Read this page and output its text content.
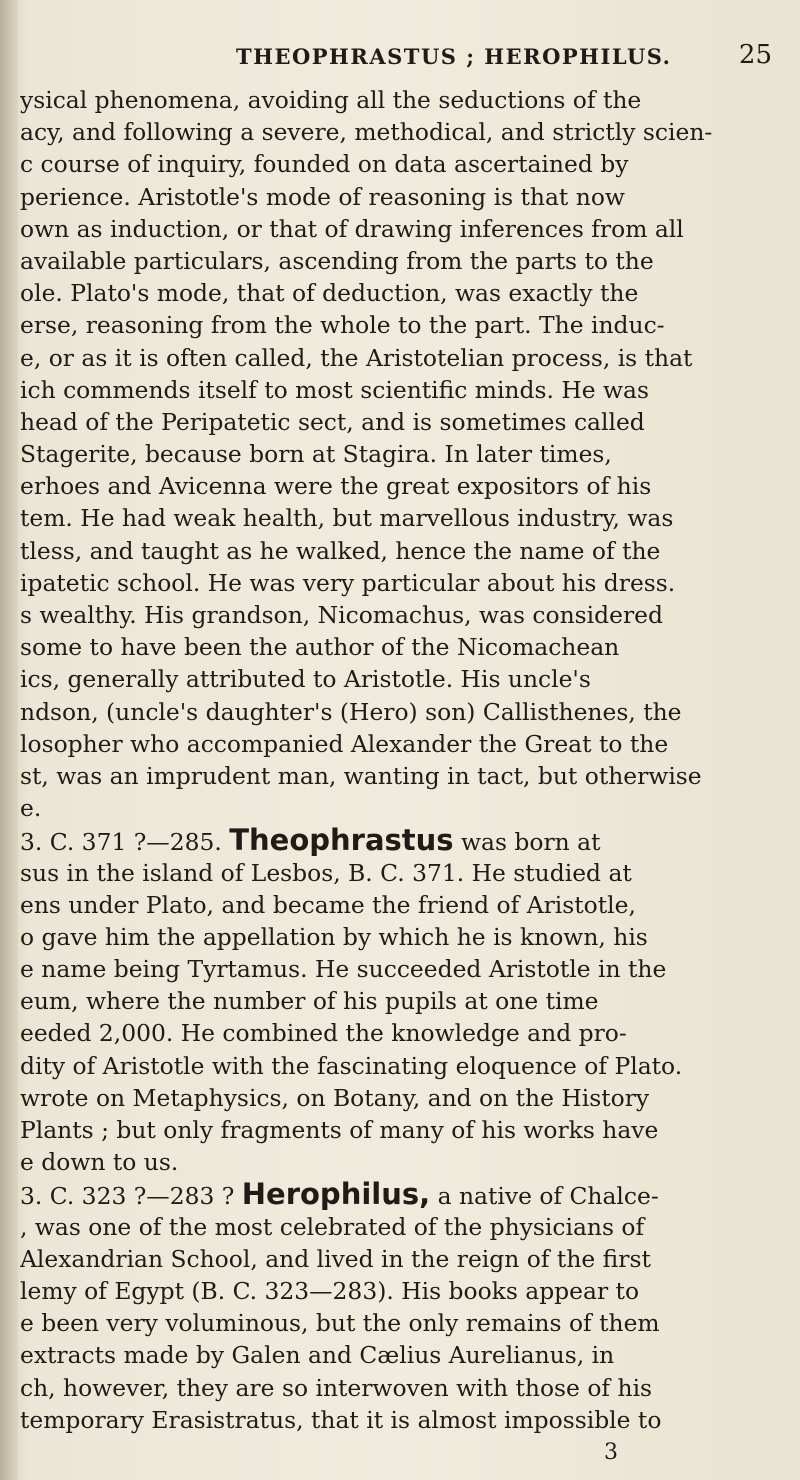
THEOPHRASTUS ; HEROPHILUS.	25
ysical phenomena, avoiding all the seductions of the
acy, and following a severe, methodical, and strictly scien-
c course of inquiry, founded on data ascertained by
perience. Aristotle's mode of reasoning is that now
own as induction, or that of drawing inferences from all
available particulars, ascending from the parts to the
ole. Plato's mode, that of deduction, was exactly the
erse, reasoning from the whole to the part. The induc-
e, or as it is often called, the Aristotelian process, is that
ich commends itself to most scientific minds. He was
head of the Peripatetic sect, and is sometimes called
Stagerite, because born at Stagira. In later times,
erhoes and Avicenna were the great expositors of his
tem. He had weak health, but marvellous industry, was
tless, and taught as he walked, hence the name of the
ipatetic school. He was very particular about his dress.
s wealthy. His grandson, Nicomachus, was considered
some to have been the author of the Nicomachean
ics, generally attributed to Aristotle. His uncle's
ndson, (uncle's daughter's (Hero) son) Callisthenes, the
losopher who accompanied Alexander the Great to the
st, was an imprudent man, wanting in tact, but otherwise
e.
3. C. 371 ?—285. Theophrastus was born at
sus in the island of Lesbos, B. C. 371. He studied at
ens under Plato, and became the friend of Aristotle,
o gave him the appellation by which he is known, his
e name being Tyrtamus. He succeeded Aristotle in the
eum, where the number of his pupils at one time
eeded 2,000. He combined the knowledge and pro-
dity of Aristotle with the fascinating eloquence of Plato.
wrote on Metaphysics, on Botany, and on the History
Plants ; but only fragments of many of his works have
e down to us.
3. C. 323 ?—283 ? Herophilus, a native of Chalce-
, was one of the most celebrated of the physicians of
Alexandrian School, and lived in the reign of the first
lemy of Egypt (B. C. 323—283). His books appear to
e been very voluminous, but the only remains of them
extracts made by Galen and Cælius Aurelianus, in
ch, however, they are so interwoven with those of his
temporary Erasistratus, that it is almost impossible to
3
